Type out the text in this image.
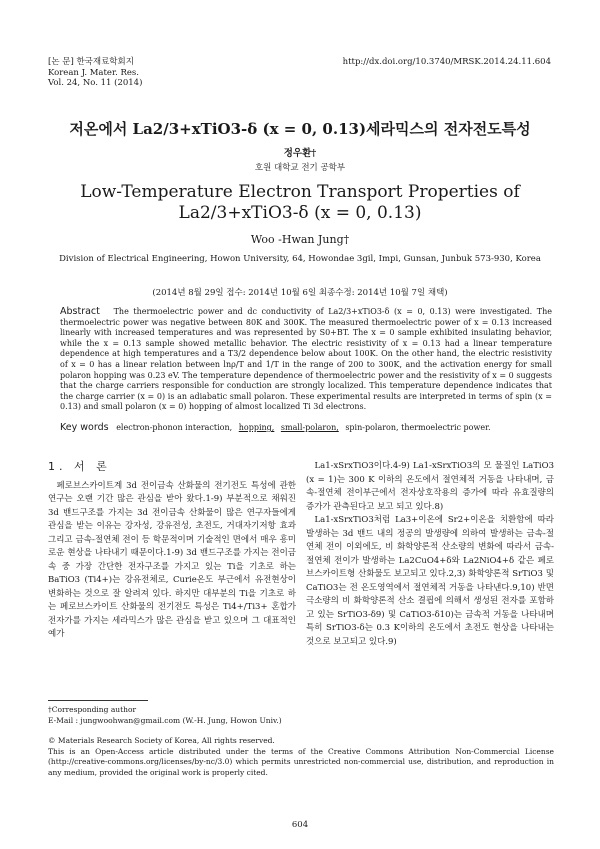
[논 문] 한국재료학회지
Korean J. Mater. Res.
Vol. 24, No. 11 (2014)
http://dx.doi.org/10.3740/MRSK.2014.24.11.604
저온에서 La2/3+xTiO3-δ (x = 0, 0.13)세라믹스의 전자전도특성
정우환†
호원 대학교 전기 공학부
Low-Temperature Electron Transport Properties of
La2/3+xTiO3-δ (x = 0, 0.13)
Woo -Hwan Jung†
Division of Electrical Engineering, Howon University, 64, Howondae 3gil, Impi, Gunsan, Junbuk 573-930, Korea
(2014년 8월 29일 접수: 2014년 10월 6일 최종수정: 2014년 10월 7일 채택)
Abstract The thermoelectric power and dc conductivity of La2/3+xTiO3-δ (x = 0, 0.13) were investigated. The thermoelectric power was negative between 80K and 300K. The measured thermoelectric power of x = 0.13 increased linearly with increased temperatures and was represented by S0+BT. The x = 0 sample exhibited insulating behavior, while the x = 0.13 sample showed metallic behavior. The electric resistivity of x = 0.13 had a linear temperature dependence at high temperatures and a T3/2 dependence below about 100K. On the other hand, the electric resistivity of x = 0 has a linear relation between lnρ/T and 1/T in the range of 200 to 300K, and the activation energy for small polaron hopping was 0.23 eV. The temperature dependence of thermoelectric power and the resistivity of x = 0 suggests that the charge carriers responsible for conduction are strongly localized. This temperature dependence indicates that the charge carrier (x = 0) is an adiabatic small polaron. These experimental results are interpreted in terms of spin (x = 0.13) and small polaron (x = 0) hopping of almost localized Ti 3d electrons.
Key words electron-phonon interaction, hopping, small-polaron, spin-polaron, thermoelectric power.
1. 서 론

페로브스카이트계 3d 전이금속 산화물의 전기전도 특성에 관한 연구는 오랜 기간 많은 관심을 받아 왔다.1-9) 부분적으로 채워진 3d 밴드구조를 가지는 3d 전이금속 산화물이 많은 연구자들에게 관심을 받는 이유는 강자성, 강유전성, 초전도, 거대자기저항 효과 그리고 금속-절연체 전이 등 학문적이며 기술적인 면에서 매우 흥미로운 현상을 나타내기 때문이다.1-9) 3d 밴드구조를 가지는 전이금속 중 가장 간단한 전자구조를 가지고 있는 Ti을 기초로 하는 BaTiO3 (Ti4+)는 강유전체로, Curie온도 부근에서 유전현상이 변화하는 것으로 잘 알려져 있다. 하지만 대부분의 Ti을 기초로 하는 페로브스카이트 산화물의 전기전도 특성은 Ti4+/Ti3+ 혼합가전자가를 가지는 세라믹스가 많은 관심을 받고 있으며 그 대표적인 예가

La1-xSrxTiO3이다.4-9) La1-xSrxTiO3의 모 물질인 LaTiO3 (x = 1)는 300 K 이하의 온도에서 절연체적 거동을 나타내며, 금속-절연체 전이부근에서 전자상호작용의 증가에 따라 유효질량의 증가가 관측된다고 보고 되고 있다.8)

La1-xSrxTiO3처럼 La3+이온에 Sr2+이온을 치환함에 따라 발생하는 3d 밴드 내의 정공의 발생량에 의하여 발생하는 금속-절연체 전이 이외에도, 비 화학양론적 산소량의 변화에 따라서 금속-절연체 전이가 발생하는 La2CuO4+δ와 La2NiO4+δ 같은 페로브스카이트형 산화물도 보고되고 있다.2,3) 화학양론적 SrTiO3 및 CaTiO3는 전 온도영역에서 절연체적 거동을 나타낸다.9,10) 반면 극소량의 비 화학양론적 산소 결핍에 의해서 생성된 전자를 포함하고 있는 SrTiO3-δ9) 및 CaTiO3-δ10)는 금속적 거동을 나타내며 특히 SrTiO3-δ는 0.3 K이하의 온도에서 초전도 현상을 나타내는 것으로 보고되고 있다.9)

†Corresponding author

E-Mail : jungwoohwan@gmail.com (W.-H. Jung, Howon Univ.)

© Materials Research Society of Korea, All rights reserved.

This is an Open-Access article distributed under the terms of the Creative Commons Attribution Non-Commercial License (http://creative-commons.org/licenses/by-nc/3.0) which permits unrestricted non-commercial use, distribution, and reproduction in any medium, provided the original work is properly cited.

604
